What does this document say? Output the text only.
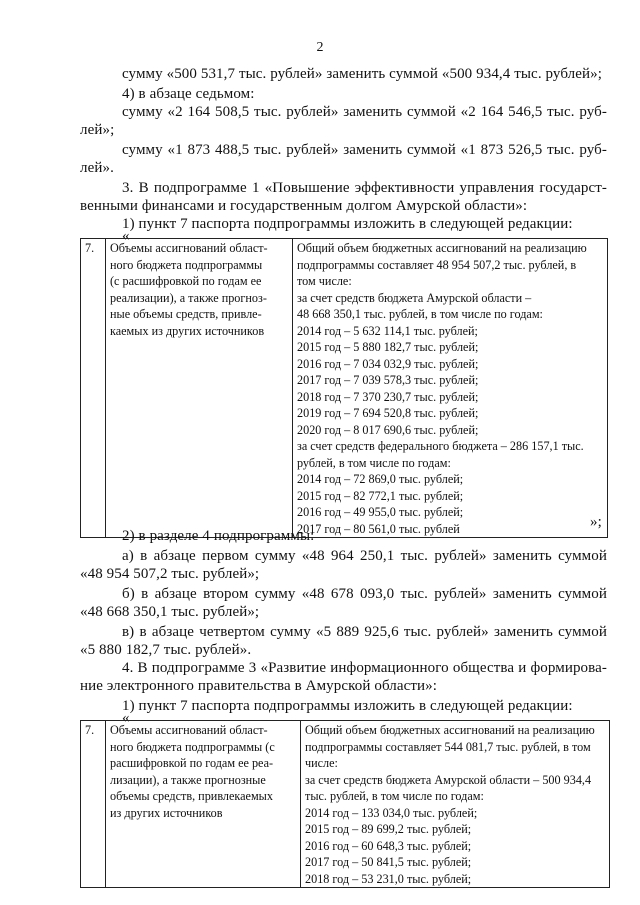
2
сумму «500 531,7 тыс. рублей» заменить суммой «500 934,4 тыс. рублей»;
4) в абзаце седьмом:
сумму «2 164 508,5 тыс. рублей» заменить суммой «2 164 546,5 тыс. руб-
лей»;
сумму «1 873 488,5 тыс. рублей» заменить суммой «1 873 526,5 тыс. руб-
лей».
3. В подпрограмме 1 «Повышение эффективности управления государст-
венными финансами и государственным долгом Амурской области»:
1) пункт 7 паспорта подпрограммы изложить в следующей редакции:
«
7.	Объемы ассигнований област-
ного бюджета подпрограммы
(с расшифровкой по годам ее
реализации), а также прогноз-
ные объемы средств, привле-
каемых из других источников

Общий объем бюджетных ассигнований на реализацию
подпрограммы составляет 48 954 507,2 тыс. рублей, в
том числе:
за счет средств бюджета Амурской области –
48 668 350,1 тыс. рублей, в том числе по годам:
2014 год – 5 632 114,1 тыс. рублей;
2015 год – 5 880 182,7 тыс. рублей;
2016 год – 7 034 032,9 тыс. рублей;
2017 год – 7 039 578,3 тыс. рублей;
2018 год – 7 370 230,7 тыс. рублей;
2019 год – 7 694 520,8 тыс. рублей;
2020 год – 8 017 690,6 тыс. рублей;
за счет средств федерального бюджета – 286 157,1 тыс.
рублей, в том числе по годам:
2014 год – 72 869,0 тыс. рублей;
2015 год – 82 772,1 тыс. рублей;
2016 год – 49 955,0 тыс. рублей;
2017 год – 80 561,0 тыс. рублей	»;
2) в разделе 4 подпрограммы:
а) в абзаце первом сумму «48 964 250,1 тыс. рублей» заменить суммой
«48 954 507,2 тыс. рублей»;
б) в абзаце втором сумму «48 678 093,0 тыс. рублей» заменить суммой
«48 668 350,1 тыс. рублей»;
в) в абзаце четвертом сумму «5 889 925,6 тыс. рублей» заменить суммой
«5 880 182,7 тыс. рублей».
4. В подпрограмме 3 «Развитие информационного общества и формирова-
ние электронного правительства в Амурской области»:
1) пункт 7 паспорта подпрограммы изложить в следующей редакции:
«
7.	Объемы ассигнований област-
ного бюджета подпрограммы (с
расшифровкой по годам ее реа-
лизации), а также прогнозные
объемы средств, привлекаемых
из других источников

Общий объем бюджетных ассигнований на реализацию
подпрограммы составляет 544 081,7 тыс. рублей, в том
числе:
за счет средств бюджета Амурской области – 500 934,4
тыс. рублей, в том числе по годам:
2014 год – 133 034,0 тыс. рублей;
2015 год – 89 699,2 тыс. рублей;
2016 год – 60 648,3 тыс. рублей;
2017 год – 50 841,5 тыс. рублей;
2018 год – 53 231,0 тыс. рублей;
